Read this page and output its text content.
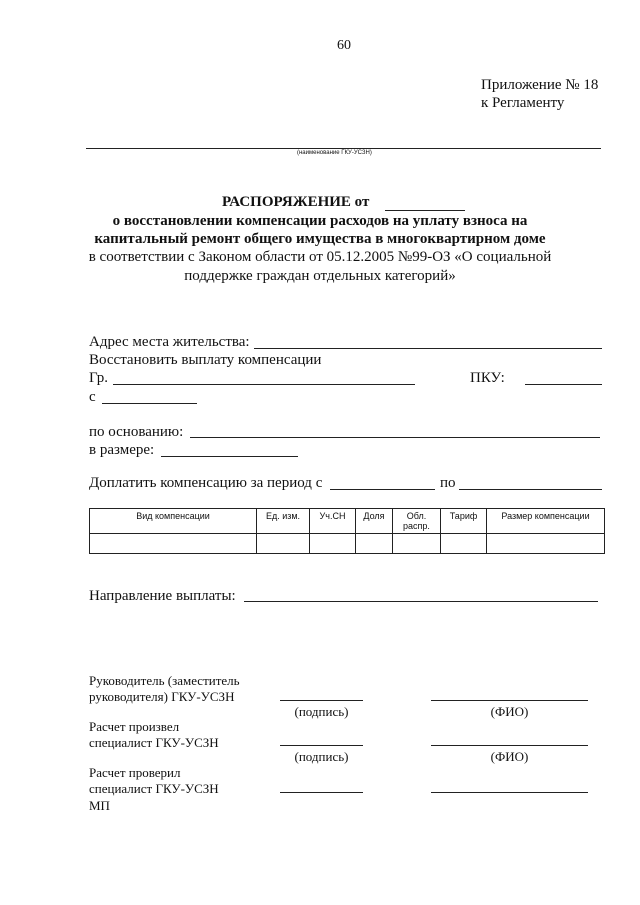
60
Приложение № 18
к Регламенту
(наименование ГКУ-УСЗН)
РАСПОРЯЖЕНИЕ от
о восстановлении компенсации расходов на уплату взноса на
капитальный ремонт общего имущества в многоквартирном доме
в соответствии с Законом области от 05.12.2005 №99-ОЗ «О социальной
поддержке граждан отдельных категорий»
Адрес места жительства:
Восстановить выплату компенсации
Гр.	ПКУ:
с
по основанию:
в размере:
Доплатить компенсацию за период с	по
Вид компенсации	Ед. изм.	Уч.СН	Доля	Обл. распр.	Тариф	Размер компенсации

Направление выплаты:
Руководитель (заместитель
руководителя) ГКУ-УСЗН
(подпись)	(ФИО)
Расчет произвел
специалист ГКУ-УСЗН
(подпись)	(ФИО)
Расчет проверил
специалист ГКУ-УСЗН
МП
